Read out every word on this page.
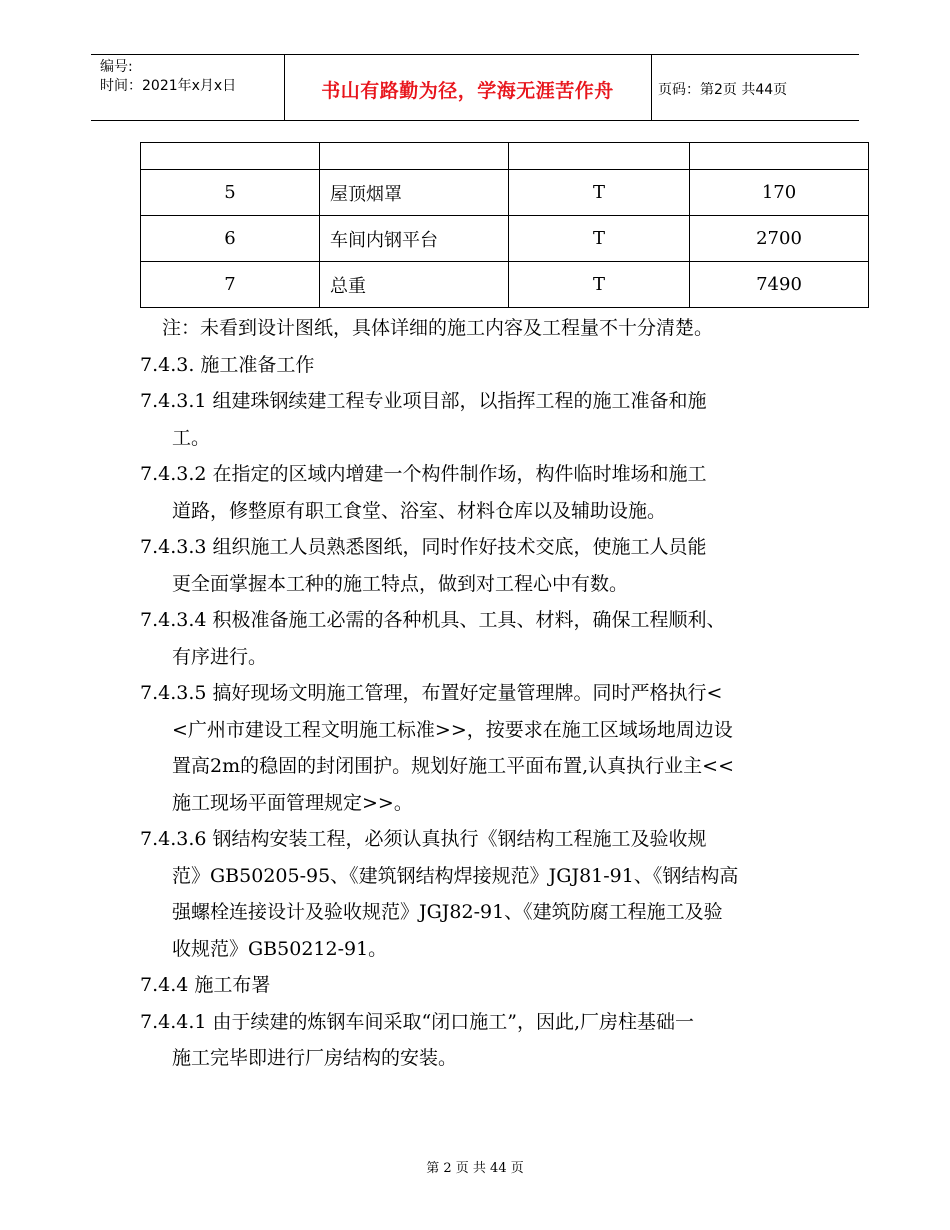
编号:
时间：2021年x月x日	书山有路勤为径，学海无涯苦作舟	页码：第2页 共44页

5	屋顶烟罩	T	170
6	车间内钢平台	T	2700
7	总重	T	7490

注：未看到设计图纸，具体详细的施工内容及工程量不十分清楚。

7.4.3. 施工准备工作

7.4.3.1 组建珠钢续建工程专业项目部，以指挥工程的施工准备和施
工。

7.4.3.2 在指定的区域内增建一个构件制作场，构件临时堆场和施工
道路，修整原有职工食堂、浴室、材料仓库以及辅助设施。

7.4.3.3 组织施工人员熟悉图纸，同时作好技术交底，使施工人员能
更全面掌握本工种的施工特点，做到对工程心中有数。

7.4.3.4 积极准备施工必需的各种机具、工具、材料，确保工程顺利、
有序进行。

7.4.3.5 搞好现场文明施工管理，布置好定量管理牌。同时严格执行<
<广州市建设工程文明施工标准>>，按要求在施工区域场地周边设
置高2m的稳固的封闭围护。规划好施工平面布置,认真执行业主<<
施工现场平面管理规定>>。

7.4.3.6 钢结构安装工程，必须认真执行《钢结构工程施工及验收规
范》GB50205-95、《建筑钢结构焊接规范》JGJ81-91、《钢结构高
强螺栓连接设计及验收规范》JGJ82-91、《建筑防腐工程施工及验
收规范》GB50212-91。

7.4.4 施工布署

7.4.4.1 由于续建的炼钢车间采取“闭口施工”，因此,厂房柱基础一
施工完毕即进行厂房结构的安装。

第 2 页 共 44 页
